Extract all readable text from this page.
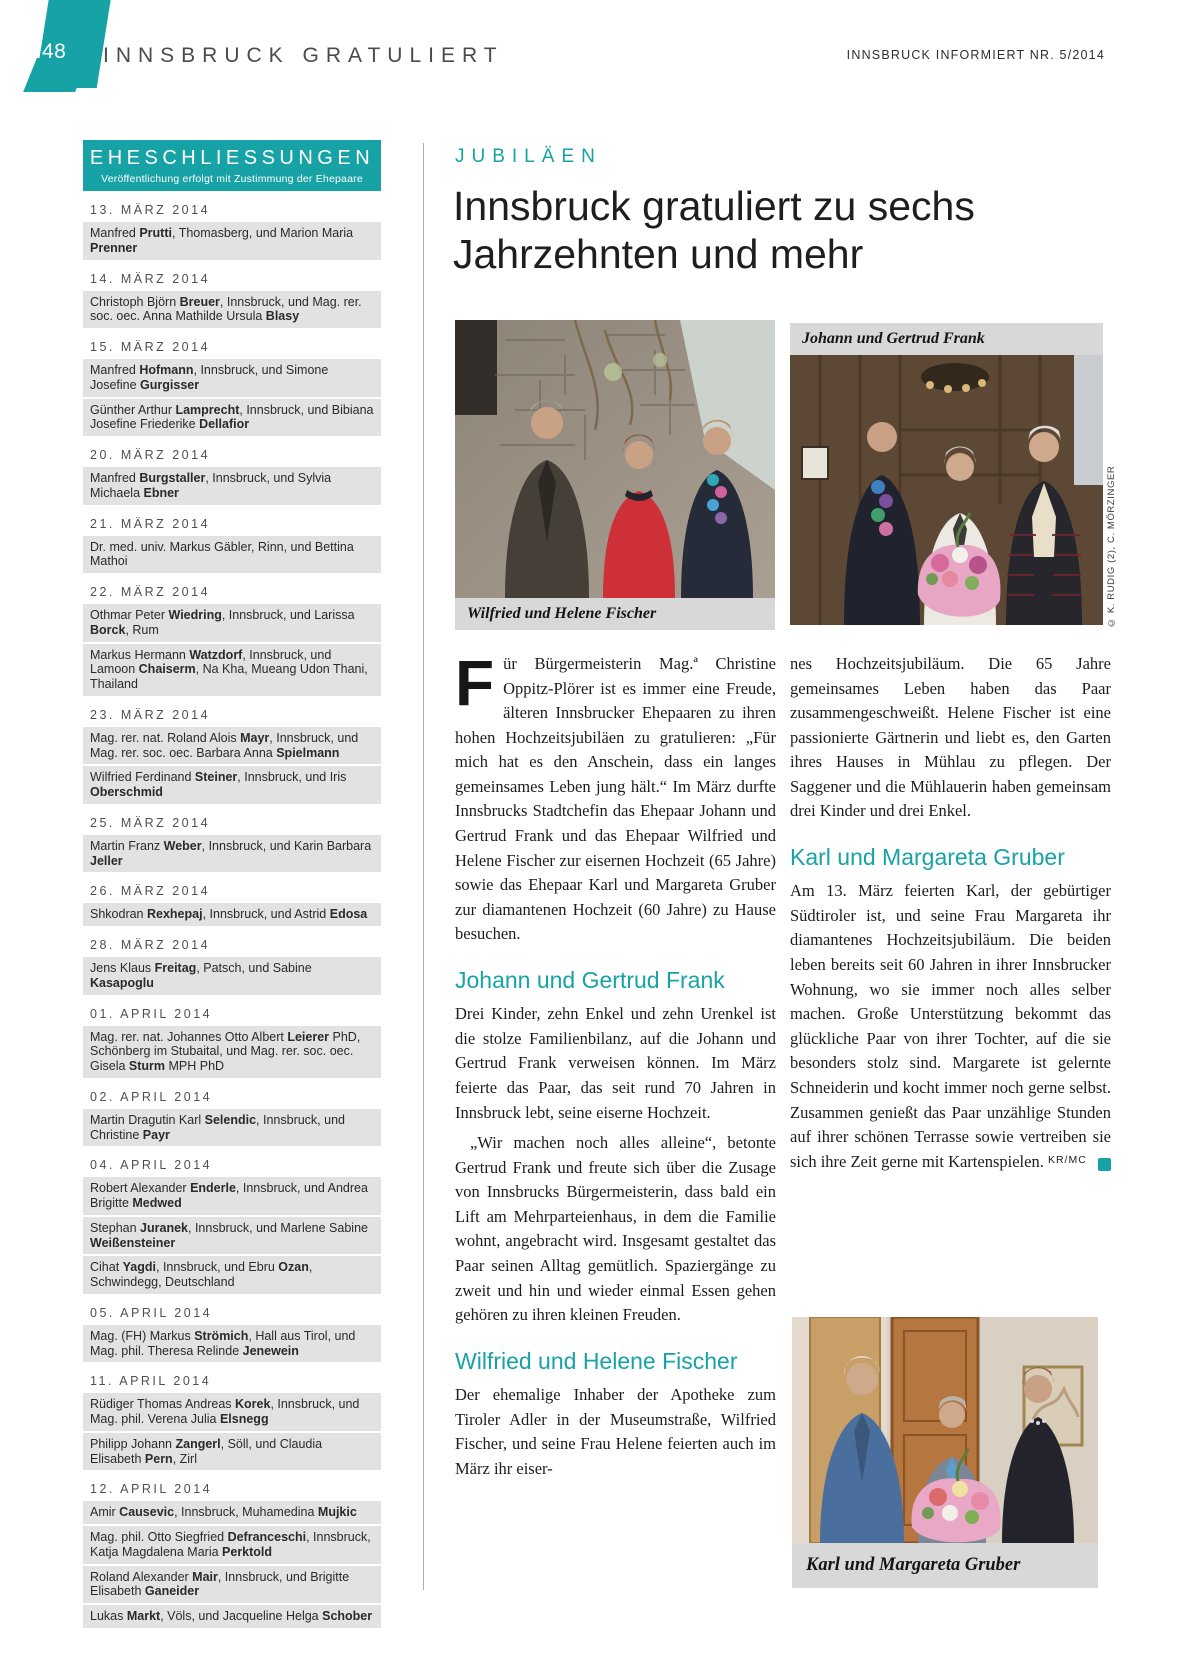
48 INNSBRUCK GRATULIERT	INNSBRUCK INFORMIERT NR. 5/2014
EHESCHLIESSUNGEN
Veröffentlichung erfolgt mit Zustimmung der Ehepaare
13. MÄRZ 2014
Manfred Prutti, Thomasberg, und Marion Maria Prenner
14. MÄRZ 2014
Christoph Björn Breuer, Innsbruck, und Mag. rer. soc. oec. Anna Mathilde Ursula Blasy
15. MÄRZ 2014
Manfred Hofmann, Innsbruck, und Simone Josefine Gurgisser
Günther Arthur Lamprecht, Innsbruck, und Bibiana Josefine Friederike Dellafior
20. MÄRZ 2014
Manfred Burgstaller, Innsbruck, und Sylvia Michaela Ebner
21. MÄRZ 2014
Dr. med. univ. Markus Gäbler, Rinn, und Bettina Mathoi
22. MÄRZ 2014
Othmar Peter Wiedring, Innsbruck, und Larissa Borck, Rum
Markus Hermann Watzdorf, Innsbruck, und Lamoon Chaiserm, Na Kha, Mueang Udon Thani, Thailand
23. MÄRZ 2014
Mag. rer. nat. Roland Alois Mayr, Innsbruck, und Mag. rer. soc. oec. Barbara Anna Spielmann
Wilfried Ferdinand Steiner, Innsbruck, und Iris Oberschmid
25. MÄRZ 2014
Martin Franz Weber, Innsbruck, und Karin Barbara Jeller
26. MÄRZ 2014
Shkodran Rexhepaj, Innsbruck, und Astrid Edosa
28. MÄRZ 2014
Jens Klaus Freitag, Patsch, und Sabine Kasapoglu
01. APRIL 2014
Mag. rer. nat. Johannes Otto Albert Leierer PhD, Schönberg im Stubaital, und Mag. rer. soc. oec. Gisela Sturm MPH PhD
02. APRIL 2014
Martin Dragutin Karl Selendic, Innsbruck, und Christine Payr
04. APRIL 2014
Robert Alexander Enderle, Innsbruck, und Andrea Brigitte Medwed
Stephan Juranek, Innsbruck, und Marlene Sabine Weißensteiner
Cihat Yagdi, Innsbruck, und Ebru Ozan, Schwindegg, Deutschland
05. APRIL 2014
Mag. (FH) Markus Strömich, Hall aus Tirol, und Mag. phil. Theresa Relinde Jenewein
11. APRIL 2014
Rüdiger Thomas Andreas Korek, Innsbruck, und Mag. phil. Verena Julia Elsnegg
Philipp Johann Zangerl, Söll, und Claudia Elisabeth Pern, Zirl
12. APRIL 2014
Amir Causevic, Innsbruck, Muhamedina Mujkic
Mag. phil. Otto Siegfried Defranceschi, Innsbruck, Katja Magdalena Maria Perktold
Roland Alexander Mair, Innsbruck, und Brigitte Elisabeth Ganeider
Lukas Markt, Völs, und Jacqueline Helga Schober
JUBILÄEN
Innsbruck gratuliert zu sechs Jahrzehnten und mehr
Wilfried und Helene Fischer
Johann und Gertrud Frank
© K. RUDIG (2), C. MÖRZINGER

Für Bürgermeisterin Mag.ª Christine Oppitz-Plörer ist es immer eine Freude, älteren Innsbrucker Ehepaaren zu ihren hohen Hochzeitsjubiläen zu gratulieren: „Für mich hat es den Anschein, dass ein langes gemeinsames Leben jung hält.“ Im März durfte Innsbrucks Stadtchefin das Ehepaar Johann und Gertrud Frank und das Ehepaar Wilfried und Helene Fischer zur eisernen Hochzeit (65 Jahre) sowie das Ehepaar Karl und Margareta Gruber zur diamantenen Hochzeit (60 Jahre) zu Hause besuchen.

Johann und Gertrud Frank

Drei Kinder, zehn Enkel und zehn Urenkel ist die stolze Familienbilanz, auf die Johann und Gertrud Frank verweisen können. Im März feierte das Paar, das seit rund 70 Jahren in Innsbruck lebt, seine eiserne Hochzeit.

„Wir machen noch alles alleine“, betonte Gertrud Frank und freute sich über die Zusage von Innsbrucks Bürgermeisterin, dass bald ein Lift am Mehrparteienhaus, in dem die Familie wohnt, angebracht wird. Insgesamt gestaltet das Paar seinen Alltag gemütlich. Spaziergänge zu zweit und hin und wieder einmal Essen gehen gehören zu ihren kleinen Freuden.

Wilfried und Helene Fischer

Der ehemalige Inhaber der Apotheke zum Tiroler Adler in der Museumstraße, Wilfried Fischer, und seine Frau Helene feierten auch im März ihr eiser-

nes Hochzeitsjubiläum. Die 65 Jahre gemeinsames Leben haben das Paar zusammengeschweißt. Helene Fischer ist eine passionierte Gärtnerin und liebt es, den Garten ihres Hauses in Mühlau zu pflegen. Der Saggener und die Mühlauerin haben gemeinsam drei Kinder und drei Enkel.

Karl und Margareta Gruber

Am 13. März feierten Karl, der gebürtiger Südtiroler ist, und seine Frau Margareta ihr diamantenes Hochzeitsjubiläum. Die beiden leben bereits seit 60 Jahren in ihrer Innsbrucker Wohnung, wo sie immer noch alles selber machen. Große Unterstützung bekommt das glückliche Paar von ihrer Tochter, auf die sie besonders stolz sind. Margarete ist gelernte Schneiderin und kocht immer noch gerne selbst. Zusammen genießt das Paar unzählige Stunden auf ihrer schönen Terrasse sowie vertreiben sie sich ihre Zeit gerne mit Kartenspielen. $^{KR/MC}$

Karl und Margareta Gruber
